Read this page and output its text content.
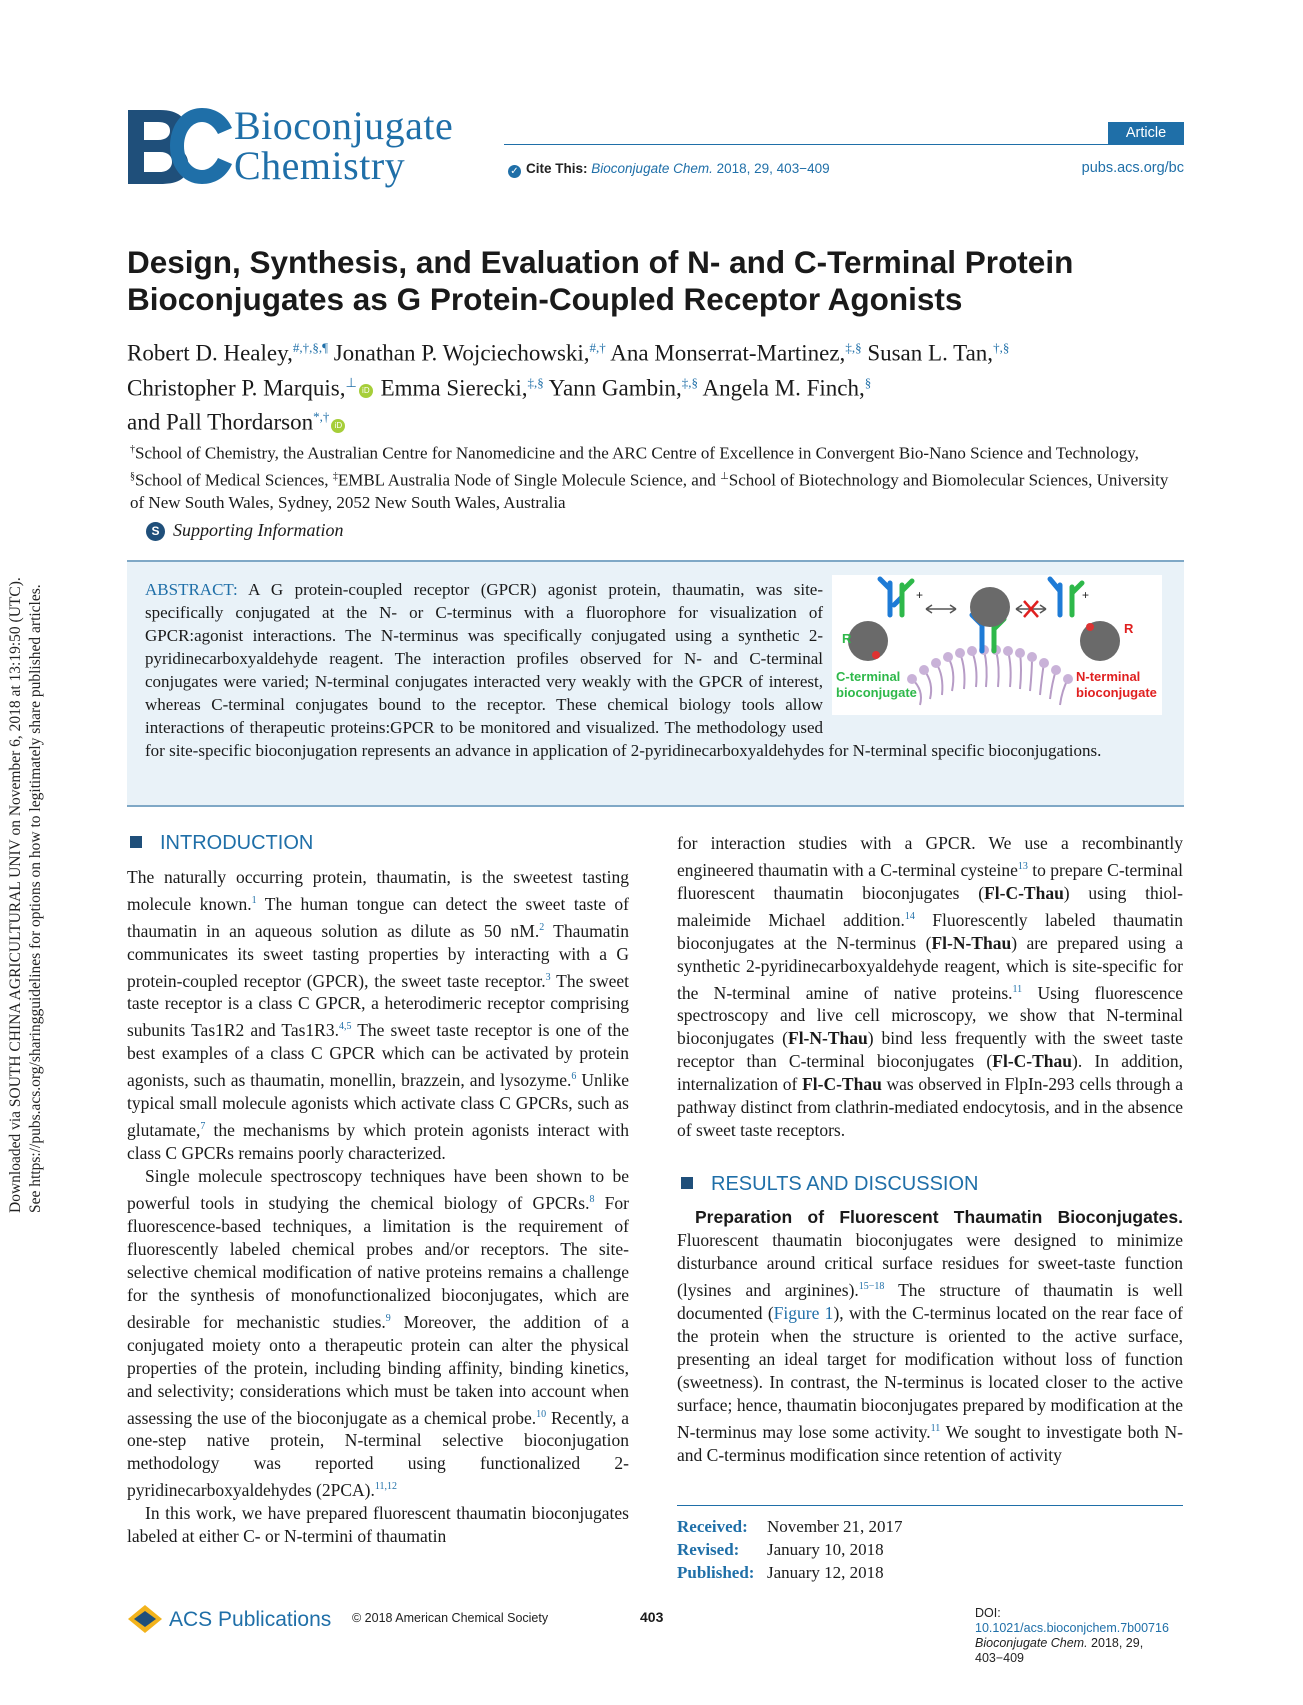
Downloaded via SOUTH CHINA AGRICULTURAL UNIV on November 6, 2018 at 13:19:50 (UTC). See https://pubs.acs.org/sharingguidelines for options on how to legitimately share published articles.
Bioconjugate
Chemistry
Article
✓ Cite This: Bioconjugate Chem. 2018, 29, 403−409	pubs.acs.org/bc
Design, Synthesis, and Evaluation of N- and C-Terminal Protein Bioconjugates as G Protein-Coupled Receptor Agonists
Robert D. Healey,#,†,§,¶ Jonathan P. Wojciechowski,#,† Ana Monserrat-Martinez,‡,§ Susan L. Tan,†,§
Christopher P. Marquis,⊥iD Emma Sierecki,‡,§ Yann Gambin,‡,§ Angela M. Finch,§
and Pall Thordarson*,†iD
†School of Chemistry, the Australian Centre for Nanomedicine and the ARC Centre of Excellence in Convergent Bio-Nano Science and Technology, §School of Medical Sciences, ‡EMBL Australia Node of Single Molecule Science, and ⊥School of Biotechnology and Biomolecular Sciences, University of New South Wales, Sydney, 2052 New South Wales, Australia
S Supporting Information
R
R
+	+
C-terminal
bioconjugate
N-terminal
bioconjugate
ABSTRACT: A G protein-coupled receptor (GPCR) agonist protein, thaumatin, was site-specifically conjugated at the N- or C-terminus with a fluorophore for visualization of GPCR:agonist interactions. The N-terminus was specifically conjugated using a synthetic 2-pyridinecarboxyaldehyde reagent. The interaction profiles observed for N- and C-terminal conjugates were varied; N-terminal conjugates interacted very weakly with the GPCR of interest, whereas C-terminal conjugates bound to the receptor. These chemical biology tools allow interactions of therapeutic proteins:GPCR to be monitored and visualized. The methodology used for site-specific bioconjugation represents an advance in application of 2-pyridinecarboxyaldehydes for N-terminal specific bioconjugations.
INTRODUCTION
The naturally occurring protein, thaumatin, is the sweetest tasting molecule known.$^1$ The human tongue can detect the sweet taste of thaumatin in an aqueous solution as dilute as 50 nM.$^2$ Thaumatin communicates its sweet tasting properties by interacting with a G protein-coupled receptor (GPCR), the sweet taste receptor.$^3$ The sweet taste receptor is a class C GPCR, a heterodimeric receptor comprising subunits Tas1R2 and Tas1R3.$^{4,5}$ The sweet taste receptor is one of the best examples of a class C GPCR which can be activated by protein agonists, such as thaumatin, monellin, brazzein, and lysozyme.$^6$ Unlike typical small molecule agonists which activate class C GPCRs, such as glutamate,$^7$ the mechanisms by which protein agonists interact with class C GPCRs remains poorly characterized.
Single molecule spectroscopy techniques have been shown to be powerful tools in studying the chemical biology of GPCRs.$^8$ For fluorescence-based techniques, a limitation is the requirement of fluorescently labeled chemical probes and/or receptors. The site-selective chemical modification of native proteins remains a challenge for the synthesis of monofunctionalized bioconjugates, which are desirable for mechanistic studies.$^9$ Moreover, the addition of a conjugated moiety onto a therapeutic protein can alter the physical properties of the protein, including binding affinity, binding kinetics, and selectivity; considerations which must be taken into account when assessing the use of the bioconjugate as a chemical probe.$^{10}$ Recently, a one-step native protein, N-terminal selective bioconjugation methodology was reported using functionalized 2-pyridinecarboxyaldehydes (2PCA).$^{11,12}$
In this work, we have prepared fluorescent thaumatin bioconjugates labeled at either C- or N-termini of thaumatin
for interaction studies with a GPCR. We use a recombinantly engineered thaumatin with a C-terminal cysteine$^{13}$ to prepare C-terminal fluorescent thaumatin bioconjugates (Fl-C-Thau) using thiol-maleimide Michael addition.$^{14}$ Fluorescently labeled thaumatin bioconjugates at the N-terminus (Fl-N-Thau) are prepared using a synthetic 2-pyridinecarboxyaldehyde reagent, which is site-specific for the N-terminal amine of native proteins.$^{11}$ Using fluorescence spectroscopy and live cell microscopy, we show that N-terminal bioconjugates (Fl-N-Thau) bind less frequently with the sweet taste receptor than C-terminal bioconjugates (Fl-C-Thau). In addition, internalization of Fl-C-Thau was observed in FlpIn-293 cells through a pathway distinct from clathrin-mediated endocytosis, and in the absence of sweet taste receptors.
RESULTS AND DISCUSSION
Preparation of Fluorescent Thaumatin Bioconjugates. Fluorescent thaumatin bioconjugates were designed to minimize disturbance around critical surface residues for sweet-taste function (lysines and arginines).$^{15-18}$ The structure of thaumatin is well documented (Figure 1), with the C-terminus located on the rear face of the protein when the structure is oriented to the active surface, presenting an ideal target for modification without loss of function (sweetness). In contrast, the N-terminus is located closer to the active surface; hence, thaumatin bioconjugates prepared by modification at the N-terminus may lose some activity.$^{11}$ We sought to investigate both N- and C-terminus modification since retention of activity
Received:	November 21, 2017
Revised:	January 10, 2018
Published:	January 12, 2018
ACS Publications © 2018 American Chemical Society	403	DOI: 10.1021/acs.bioconjchem.7b00716
Bioconjugate Chem. 2018, 29, 403−409
